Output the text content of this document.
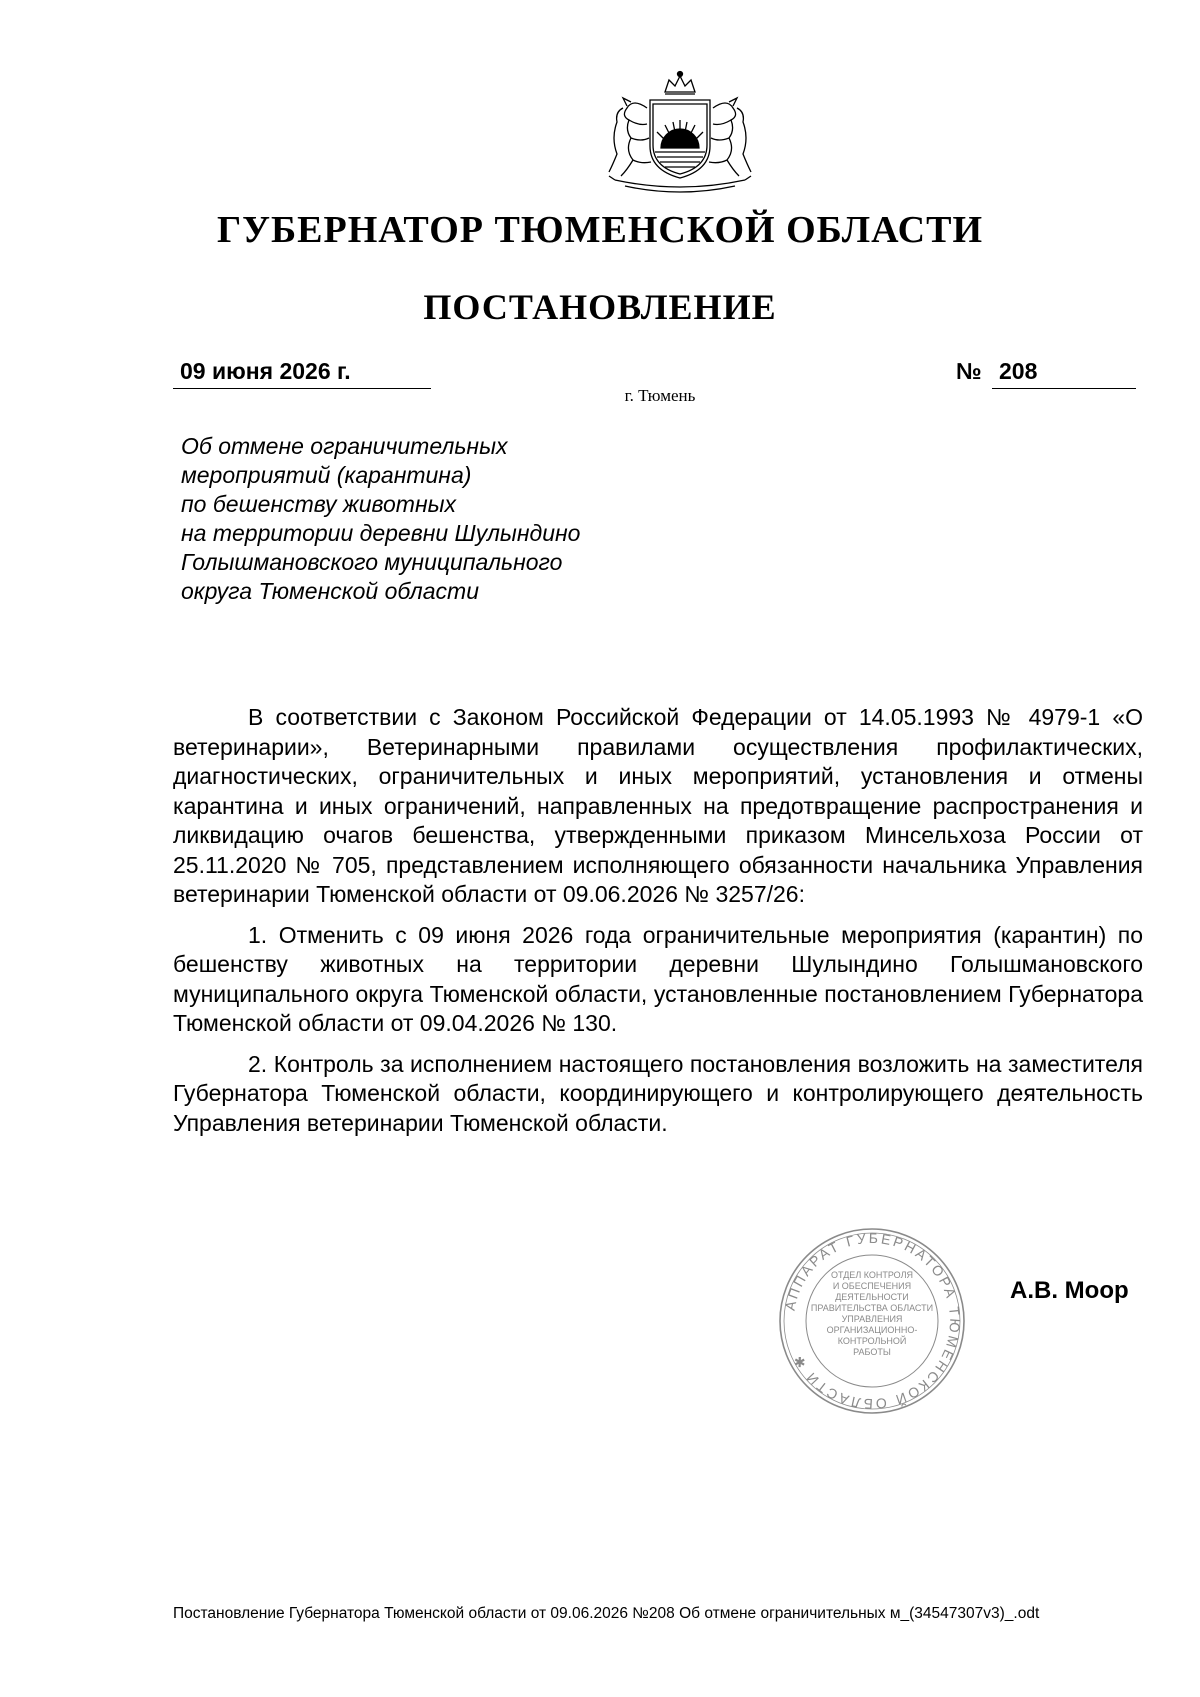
ГУБЕРНАТОР ТЮМЕНСКОЙ ОБЛАСТИ
ПОСТАНОВЛЕНИЕ
09 июня 2026 г.	№ 208
г. Тюмень
Об отмене ограничительных
мероприятий (карантина)
по бешенству животных
на территории деревни Шулындино
Голышмановского муниципального
округа Тюменской области

В соответствии с Законом Российской Федерации от 14.05.1993 № 4979-1 «О ветеринарии», Ветеринарными правилами осуществления профилактических, диагностических, ограничительных и иных мероприятий, установления и отмены карантина и иных ограничений, направленных на предотвращение распространения и ликвидацию очагов бешенства, утвержденными приказом Минсельхоза России от 25.11.2020 № 705, представлением исполняющего обязанности начальника Управления ветеринарии Тюменской области от 09.06.2026 № 3257/26:

1. Отменить с 09 июня 2026 года ограничительные мероприятия (карантин) по бешенству животных на территории деревни Шулындино Голышмановского муниципального округа Тюменской области, установленные постановлением Губернатора Тюменской области от 09.04.2026 № 130.

2. Контроль за исполнением настоящего постановления возложить на заместителя Губернатора Тюменской области, координирующего и контролирующего деятельность Управления ветеринарии Тюменской области.

АППАРАТ ГУБЕРНАТОРА ТЮМЕНСКОЙ ОБЛАСТИ ✱
ОТДЕЛ КОНТРОЛЯ
И ОБЕСПЕЧЕНИЯ
ДЕЯТЕЛЬНОСТИ
ПРАВИТЕЛЬСТВА ОБЛАСТИ
УПРАВЛЕНИЯ
ОРГАНИЗАЦИОННО-
КОНТРОЛЬНОЙ
РАБОТЫ
А.В. Моор
Постановление Губернатора Тюменской области от 09.06.2026 №208 Об отмене ограничительных м_(34547307v3)_.odt
